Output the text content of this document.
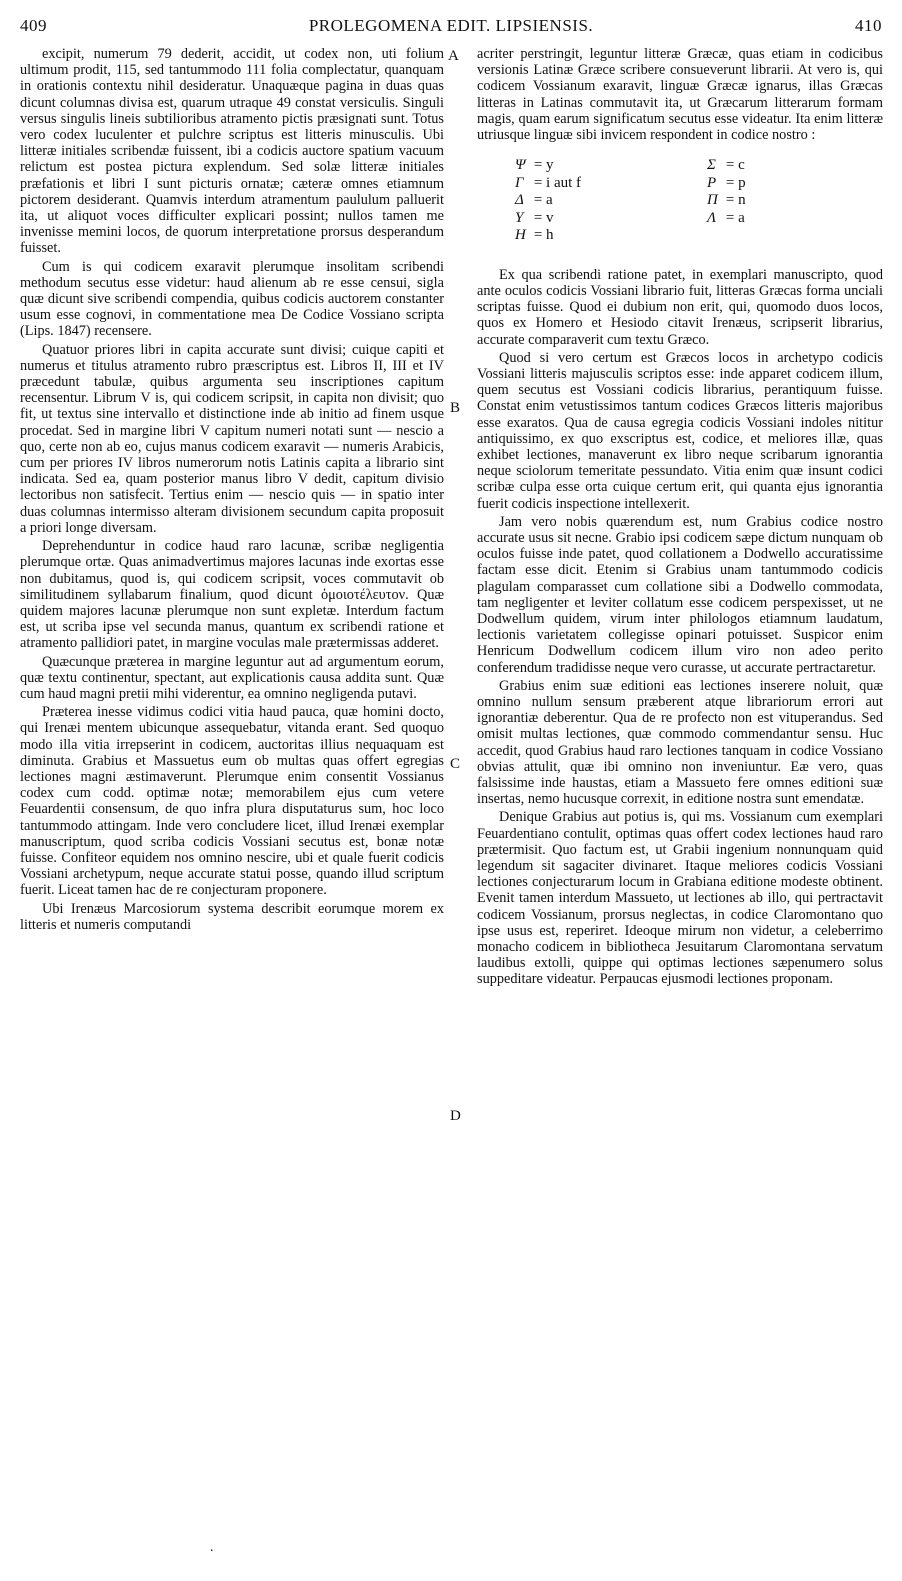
409	PROLEGOMENA EDIT. LIPSIENSIS.	410

excipit, numerum 79 dederit, accidit, ut codex non, uti folium ultimum prodit, 115, sed tantummodo 111 folia complectatur, quanquam in orationis contextu nihil desideratur. Unaquæque pagina in duas quas dicunt columnas divisa est, quarum utraque 49 constat versiculis. Singuli versus singulis lineis subtilioribus atramento pictis præsignati sunt. Totus vero codex luculenter et pulchre scriptus est litteris minusculis. Ubi litteræ initiales scribendæ fuissent, ibi a codicis auctore spatium vacuum relictum est postea pictura explendum. Sed solæ litteræ initiales præfationis et libri I sunt picturis ornatæ; cæteræ omnes etiamnum pictorem desiderant. Quamvis interdum atramentum paululum palluerit ita, ut aliquot voces difficulter explicari possint; nullos tamen me invenisse memini locos, de quorum interpretatione prorsus desperandum fuisset.

Cum is qui codicem exaravit plerumque insolitam scribendi methodum secutus esse videtur: haud alienum ab re esse censui, sigla quæ dicunt sive scribendi compendia, quibus codicis auctorem constanter usum esse cognovi, in commentatione mea De Codice Vossiano scripta (Lips. 1847) recensere.

Quatuor priores libri in capita accurate sunt divisi; cuique capiti et numerus et titulus atramento rubro præscriptus est. Libros II, III et IV præcedunt tabulæ, quibus argumenta seu inscriptiones capitum recensentur. Librum V is, qui codicem scripsit, in capita non divisit; quo fit, ut textus sine intervallo et distinctione inde ab initio ad finem usque procedat. Sed in margine libri V capitum numeri notati sunt — nescio a quo, certe non ab eo, cujus manus codicem exaravit — numeris Arabicis, cum per priores IV libros numerorum notis Latinis capita a librario sint indicata. Sed ea, quam posterior manus libro V dedit, capitum divisio lectoribus non satisfecit. Tertius enim — nescio quis — in spatio inter duas columnas intermisso alteram divisionem secundum capita proposuit a priori longe diversam.

Deprehenduntur in codice haud raro lacunæ, scribæ negligentia plerumque ortæ. Quas animadvertimus majores lacunas inde exortas esse non dubitamus, quod is, qui codicem scripsit, voces commutavit ob similitudinem syllabarum finalium, quod dicunt ὁμοιοτέλευτον. Quæ quidem majores lacunæ plerumque non sunt expletæ. Interdum factum est, ut scriba ipse vel secunda manus, quantum ex scribendi ratione et atramento pallidiori patet, in margine voculas male prætermissas adderet.

Quæcunque præterea in margine leguntur aut ad argumentum eorum, quæ textu continentur, spectant, aut explicationis causa addita sunt. Quæ cum haud magni pretii mihi viderentur, ea omnino negligenda putavi.

Præterea inesse vidimus codici vitia haud pauca, quæ homini docto, qui Irenæi mentem ubicunque assequebatur, vitanda erant. Sed quoquo modo illa vitia irrepserint in codicem, auctoritas illius nequaquam est diminuta. Grabius et Massuetus eum ob multas quas offert egregias lectiones magni æstimaverunt. Plerumque enim consentit Vossianus codex cum codd. optimæ notæ; memorabilem ejus cum vetere Feuardentii consensum, de quo infra plura disputaturus sum, hoc loco tantummodo attingam. Inde vero concludere licet, illud Irenæi exemplar manuscriptum, quod scriba codicis Vossiani secutus est, bonæ notæ fuisse. Confiteor equidem nos omnino nescire, ubi et quale fuerit codicis Vossiani archetypum, neque accurate statui posse, quando illud scriptum fuerit. Liceat tamen hac de re conjecturam proponere.

Ubi Irenæus Marcosiorum systema describit eorumque morem ex litteris et numeris computandi

A
B
C
D

acriter perstringit, leguntur litteræ Græcæ, quas etiam in codicibus versionis Latinæ Græce scribere consueverunt librarii. At vero is, qui codicem Vossianum exaravit, linguæ Græcæ ignarus, illas Græcas litteras in Latinas commutavit ita, ut Græcarum litterarum formam magis, quam earum significatum secutus esse videatur. Ita enim litteræ utriusque linguæ sibi invicem respondent in codice nostro :

Ψ	= y		Σ	= c
Γ	= i aut f		P	= p
Δ	= a		Π	= n
Υ	= v		Λ	= a
H	= h			

Ex qua scribendi ratione patet, in exemplari manuscripto, quod ante oculos codicis Vossiani librario fuit, litteras Græcas forma unciali scriptas fuisse. Quod ei dubium non erit, qui, quomodo duos locos, quos ex Homero et Hesiodo citavit Irenæus, scripserit librarius, accurate comparaverit cum textu Græco.

Quod si vero certum est Græcos locos in archetypo codicis Vossiani litteris majusculis scriptos esse: inde apparet codicem illum, quem secutus est Vossiani codicis librarius, perantiquum fuisse. Constat enim vetustissimos tantum codices Græcos litteris majoribus esse exaratos. Qua de causa egregia codicis Vossiani indoles nititur antiquissimo, ex quo exscriptus est, codice, et meliores illæ, quas exhibet lectiones, manaverunt ex libro neque scribarum ignorantia neque sciolorum temeritate pessundato. Vitia enim quæ insunt codici scribæ culpa esse orta cuique certum erit, qui quanta ejus ignorantia fuerit codicis inspectione intellexerit.

Jam vero nobis quærendum est, num Grabius codice nostro accurate usus sit necne. Grabio ipsi codicem sæpe dictum nunquam ob oculos fuisse inde patet, quod collationem a Dodwello accuratissime factam esse dicit. Etenim si Grabius unam tantummodo codicis plagulam comparasset cum collatione sibi a Dodwello commodata, tam negligenter et leviter collatum esse codicem perspexisset, ut ne Dodwellum quidem, virum inter philologos etiamnum laudatum, lectionis varietatem collegisse opinari potuisset. Suspicor enim Henricum Dodwellum codicem illum viro non adeo perito conferendum tradidisse neque vero curasse, ut accurate pertractaretur.

Grabius enim suæ editioni eas lectiones inserere noluit, quæ omnino nullum sensum præberent atque librariorum errori aut ignorantiæ deberentur. Qua de re profecto non est vituperandus. Sed omisit multas lectiones, quæ commodo commendantur sensu. Huc accedit, quod Grabius haud raro lectiones tanquam in codice Vossiano obvias attulit, quæ ibi omnino non inveniuntur. Eæ vero, quas falsissime inde haustas, etiam a Massueto fere omnes editioni suæ insertas, nemo hucusque correxit, in editione nostra sunt emendatæ.

Denique Grabius aut potius is, qui ms. Vossianum cum exemplari Feuardentiano contulit, optimas quas offert codex lectiones haud raro prætermisit. Quo factum est, ut Grabii ingenium nonnunquam quid legendum sit sagaciter divinaret. Itaque meliores codicis Vossiani lectiones conjecturarum locum in Grabiana editione modeste obtinent. Evenit tamen interdum Massueto, ut lectiones ab illo, qui pertractavit codicem Vossianum, prorsus neglectas, in codice Claromontano quo ipse usus est, reperiret. Ideoque mirum non videtur, a celeberrimo monacho codicem in bibliotheca Jesuitarum Claromontana servatum laudibus extolli, quippe qui optimas lectiones sæpenumero solus suppeditare videatur. Perpaucas ejusmodi lectiones proponam.

.
